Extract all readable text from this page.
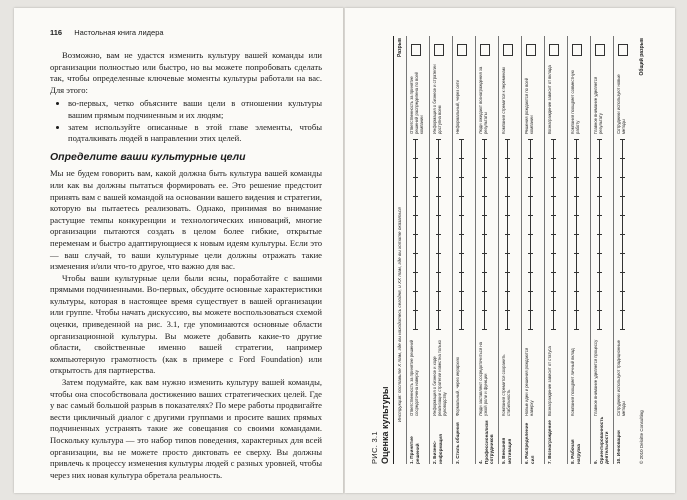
116 Настольная книга лидера

Возможно, вам не удастся изменить культуру вашей команды или организации полностью или быстро, но вы можете попробовать сделать так, чтобы определенные ключевые моменты культуры работали на вас. Для этого:

• во-первых, четко объясните ваши цели в отношении культуры вашим прямым подчиненным и их людям;
• затем используйте описанные в этой главе элементы, чтобы подталкивать людей в направлении этих целей.
Определите ваши культурные цели

Мы не будем говорить вам, какой должна быть культура вашей команды или как вы должны пытаться формировать ее. Это решение предстоит принять вам с вашей командой на основании вашего видения и стратегии, которую вы пытаетесь реализовать. Однако, принимая во внимание растущие темпы конкуренции и технологических инноваций, многие организации пытаются создать в целом более гибкие, открытые переменам и быстро адаптирующиеся к новым идеям культуры. Если это — ваш случай, то ваши культурные цели должны отражать такие изменения и/или что-то другое, что важно для вас.

Чтобы ваши культурные цели были ясны, поработайте с вашими прямыми подчиненными. Во-первых, обсудите основные характеристики культуры, которая в настоящее время существует в вашей организации или группе. Чтобы начать дискуссию, вы можете воспользоваться схемой оценки, приведенной на рис. 3.1, где упоминаются основные области организационной культуры. Вы можете добавить какие-то другие области, свойственные именно вашей стратегии, например компьютерную грамотность (как в примере с Ford Foundation) или открытость для партнерства.

Затем подумайте, как вам нужно изменить культуру вашей команды, чтобы она способствовала достижению ваших стратегических целей. Где у вас самый большой разрыв в показателях? По мере работы продвигайте вести цикличный диалог с другими группами и просите ваших прямых подчиненных устранять такие же совещания со своими командами. Поскольку культура — это набор типов поведения, характерных для всей организации, вы не можете просто диктовать ее сверху. Вы должны привлечь к процессу изменения культуры людей с разных уровней, чтобы через них новая культура обретала реальность.

РИС. 3.1 Оценка культуры
Инструкция: поставьте X там, где вы находитесь сегодня, и XX там, где вы хотите оказаться
Разрыв
1. Принятие решений
Ответственность за принятие решений сосредоточена наверху
Ответственность за принятие решений распределена по всей компании
2. Бизнес-информация
Информация о бизнесе и ходе реализации стратегии известна только руководству
Информация о бизнесе и стратегии доступна всем
3. Стиль общения
Формальный, через иерархию
Неформальный, через сети
4. Профессионализм сотрудников
Люди заставляют сосредоточиться на узкой роли и функции
Люди ожидают вознаграждения за результаты
5. Внешняя мотивация
Компания стремится сохранить стабильность
Компания стремится к переменам
6. Распределение сил
Новые идеи и решения рождаются наверху
Решения рождаются по всей компании
7. Вознаграждение
Вознаграждение зависит от статуса
Вознаграждение зависит от вклада
8. Рабочая нагрузка
Компания поощряет личный вклад
Компания поощряет совместную работу
9. Ориентированность деятельности
Главное внимание уделяется процессу
Главное внимание уделяется результату
10. Инновации
Сотрудники используют традиционные методы
Сотрудники используют новые методы
Общий разрыв
© 2010 Deloitte Consulting
